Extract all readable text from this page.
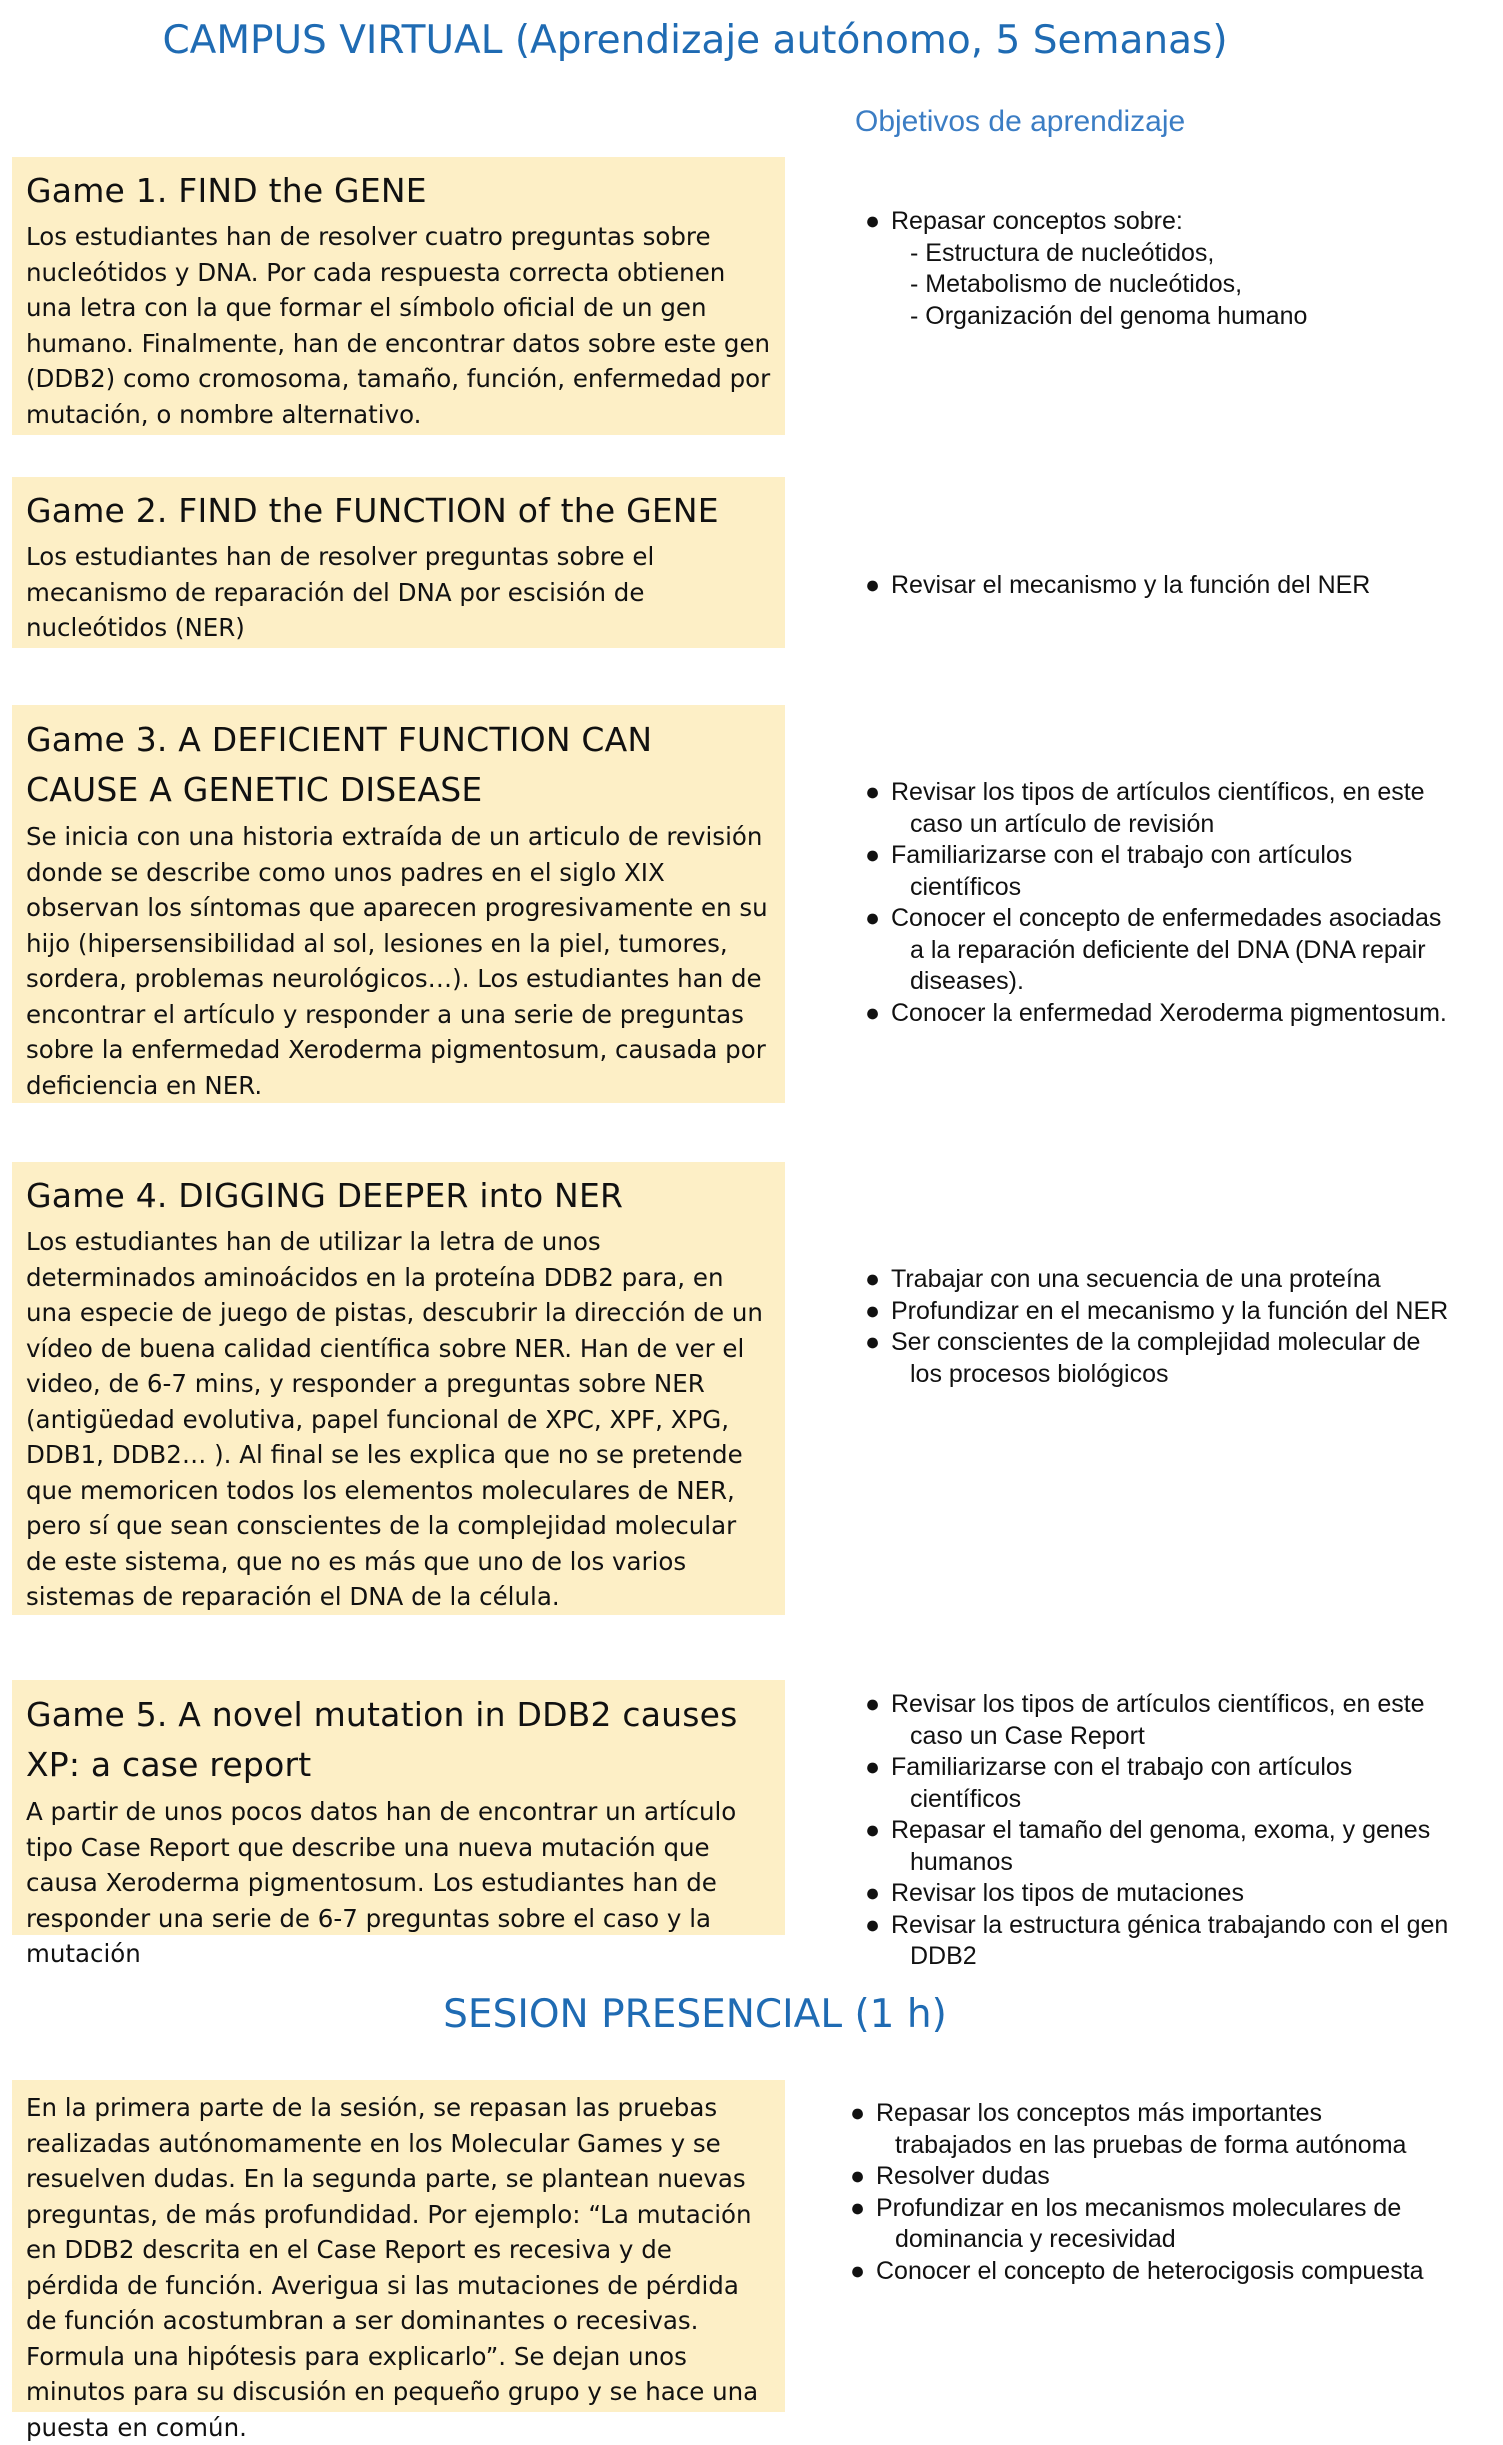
CAMPUS VIRTUAL (Aprendizaje autónomo, 5 Semanas)
Objetivos de aprendizaje
Game 1. FIND the GENE

Los estudiantes han de resolver cuatro preguntas sobre nucleótidos y DNA. Por cada respuesta correcta obtienen una letra con la que formar el símbolo oficial de un gen humano. Finalmente, han de encontrar datos sobre este gen (DDB2) como cromosoma, tamaño, función, enfermedad por mutación, o nombre alternativo.

● Repasar conceptos sobre:
- Estructura de nucleótidos,
- Metabolismo de nucleótidos,
- Organización del genoma humano
Game 2. FIND the FUNCTION of the GENE

Los estudiantes han de resolver preguntas sobre el mecanismo de reparación del DNA por escisión de nucleótidos (NER)

● Revisar el mecanismo y la función del NER
Game 3. A DEFICIENT FUNCTION CAN CAUSE A GENETIC DISEASE

Se inicia con una historia extraída de un articulo de revisión donde se describe como unos padres en el siglo XIX observan los síntomas que aparecen progresivamente en su hijo (hipersensibilidad al sol, lesiones en la piel, tumores, sordera, problemas neurológicos…). Los estudiantes han de encontrar el artículo y responder a una serie de preguntas sobre la enfermedad Xeroderma pigmentosum, causada por deficiencia en NER.

● Revisar los tipos de artículos científicos, en este
caso un artículo de revisión
● Familiarizarse con el trabajo con artículos
científicos
● Conocer el concepto de enfermedades asociadas
a la reparación deficiente del DNA (DNA repair
diseases).
● Conocer la enfermedad Xeroderma pigmentosum.
Game 4. DIGGING DEEPER into NER

Los estudiantes han de utilizar la letra de unos determinados aminoácidos en la proteína DDB2 para, en una especie de juego de pistas, descubrir la dirección de un vídeo de buena calidad científica sobre NER. Han de ver el video, de 6-7 mins, y responder a preguntas sobre NER (antigüedad evolutiva, papel funcional de XPC, XPF, XPG, DDB1, DDB2… ). Al final se les explica que no se pretende que memoricen todos los elementos moleculares de NER, pero sí que sean conscientes de la complejidad molecular de este sistema, que no es más que uno de los varios sistemas de reparación el DNA de la célula.

● Trabajar con una secuencia de una proteína
● Profundizar en el mecanismo y la función del NER
● Ser conscientes de la complejidad molecular de
los procesos biológicos
Game 5. A novel mutation in DDB2 causes XP: a case report

A partir de unos pocos datos han de encontrar un artículo tipo Case Report que describe una nueva mutación que causa Xeroderma pigmentosum. Los estudiantes han de responder una serie de 6-7 preguntas sobre el caso y la mutación

● Revisar los tipos de artículos científicos, en este
caso un Case Report
● Familiarizarse con el trabajo con artículos
científicos
● Repasar el tamaño del genoma, exoma, y genes
humanos
● Revisar los tipos de mutaciones
● Revisar la estructura génica trabajando con el gen
DDB2
SESION PRESENCIAL (1 h)

En la primera parte de la sesión, se repasan las pruebas realizadas autónomamente en los Molecular Games y se resuelven dudas. En la segunda parte, se plantean nuevas preguntas, de más profundidad. Por ejemplo: “La mutación en DDB2 descrita en el Case Report es recesiva y de pérdida de función. Averigua si las mutaciones de pérdida de función acostumbran a ser dominantes o recesivas. Formula una hipótesis para explicarlo”. Se dejan unos minutos para su discusión en pequeño grupo y se hace una puesta en común.

● Repasar los conceptos más importantes
trabajados en las pruebas de forma autónoma
● Resolver dudas
● Profundizar en los mecanismos moleculares de
dominancia y recesividad
● Conocer el concepto de heterocigosis compuesta
